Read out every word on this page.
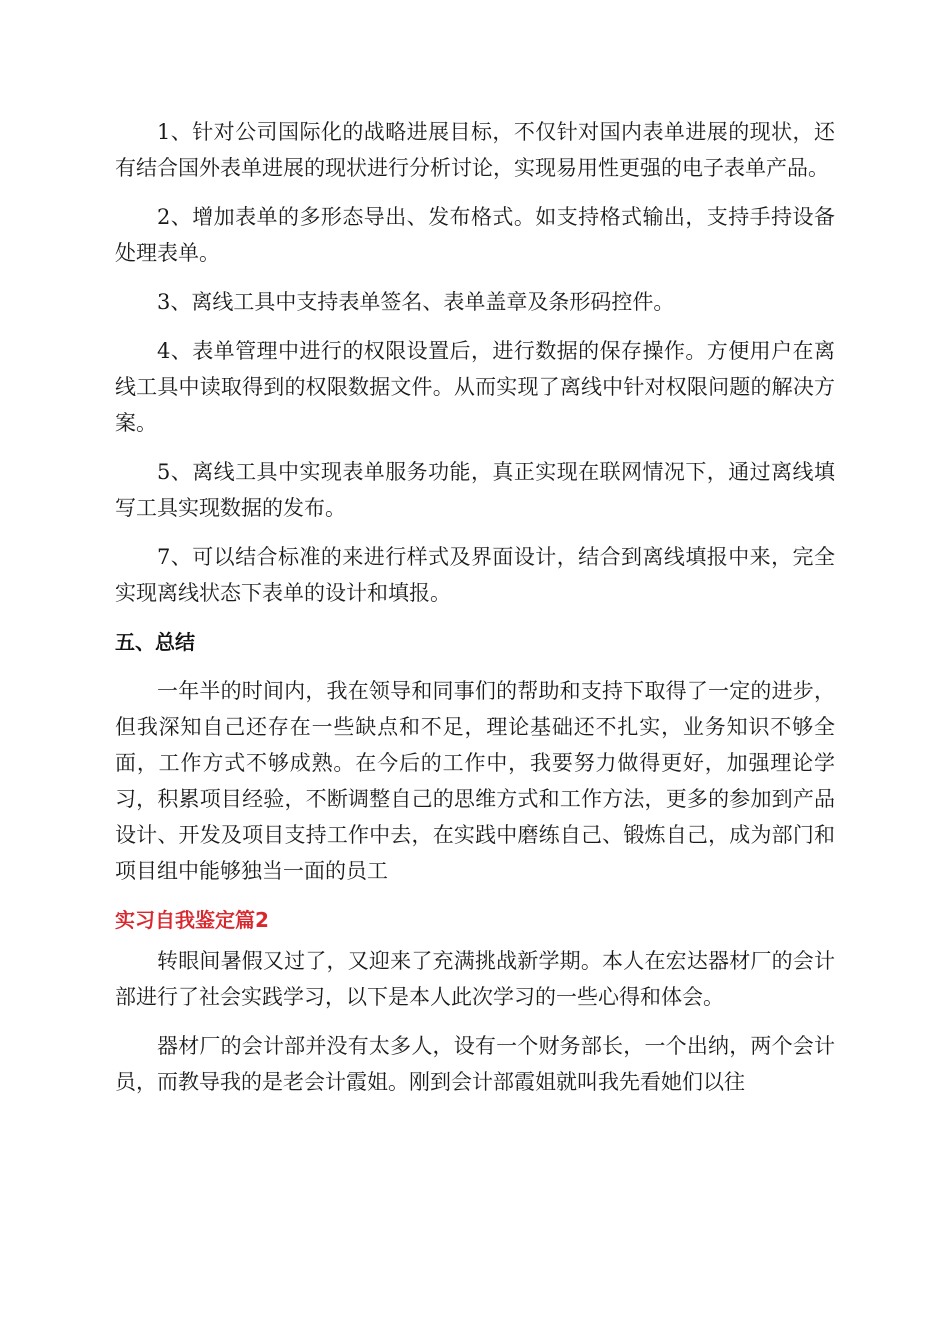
1、针对公司国际化的战略进展目标，不仅针对国内表单进展的现状，还有结合国外表单进展的现状进行分析讨论，实现易用性更强的电子表单产品。

2、增加表单的多形态导出、发布格式。如支持格式输出，支持手持设备处理表单。

3、离线工具中支持表单签名、表单盖章及条形码控件。

4、表单管理中进行的权限设置后，进行数据的保存操作。方便用户在离线工具中读取得到的权限数据文件。从而实现了离线中针对权限问题的解决方案。

5、离线工具中实现表单服务功能，真正实现在联网情况下，通过离线填写工具实现数据的发布。

7、可以结合标准的来进行样式及界面设计，结合到离线填报中来，完全实现离线状态下表单的设计和填报。

五、总结

一年半的时间内，我在领导和同事们的帮助和支持下取得了一定的进步，但我深知自己还存在一些缺点和不足，理论基础还不扎实，业务知识不够全面，工作方式不够成熟。在今后的工作中，我要努力做得更好，加强理论学习，积累项目经验，不断调整自己的思维方式和工作方法，更多的参加到产品设计、开发及项目支持工作中去，在实践中磨练自己、锻炼自己，成为部门和项目组中能够独当一面的员工

实习自我鉴定篇2

转眼间暑假又过了，又迎来了充满挑战新学期。本人在宏达器材厂的会计部进行了社会实践学习，以下是本人此次学习的一些心得和体会。

器材厂的会计部并没有太多人，设有一个财务部长，一个出纳，两个会计员，而教导我的是老会计霞姐。刚到会计部霞姐就叫我先看她们以往
